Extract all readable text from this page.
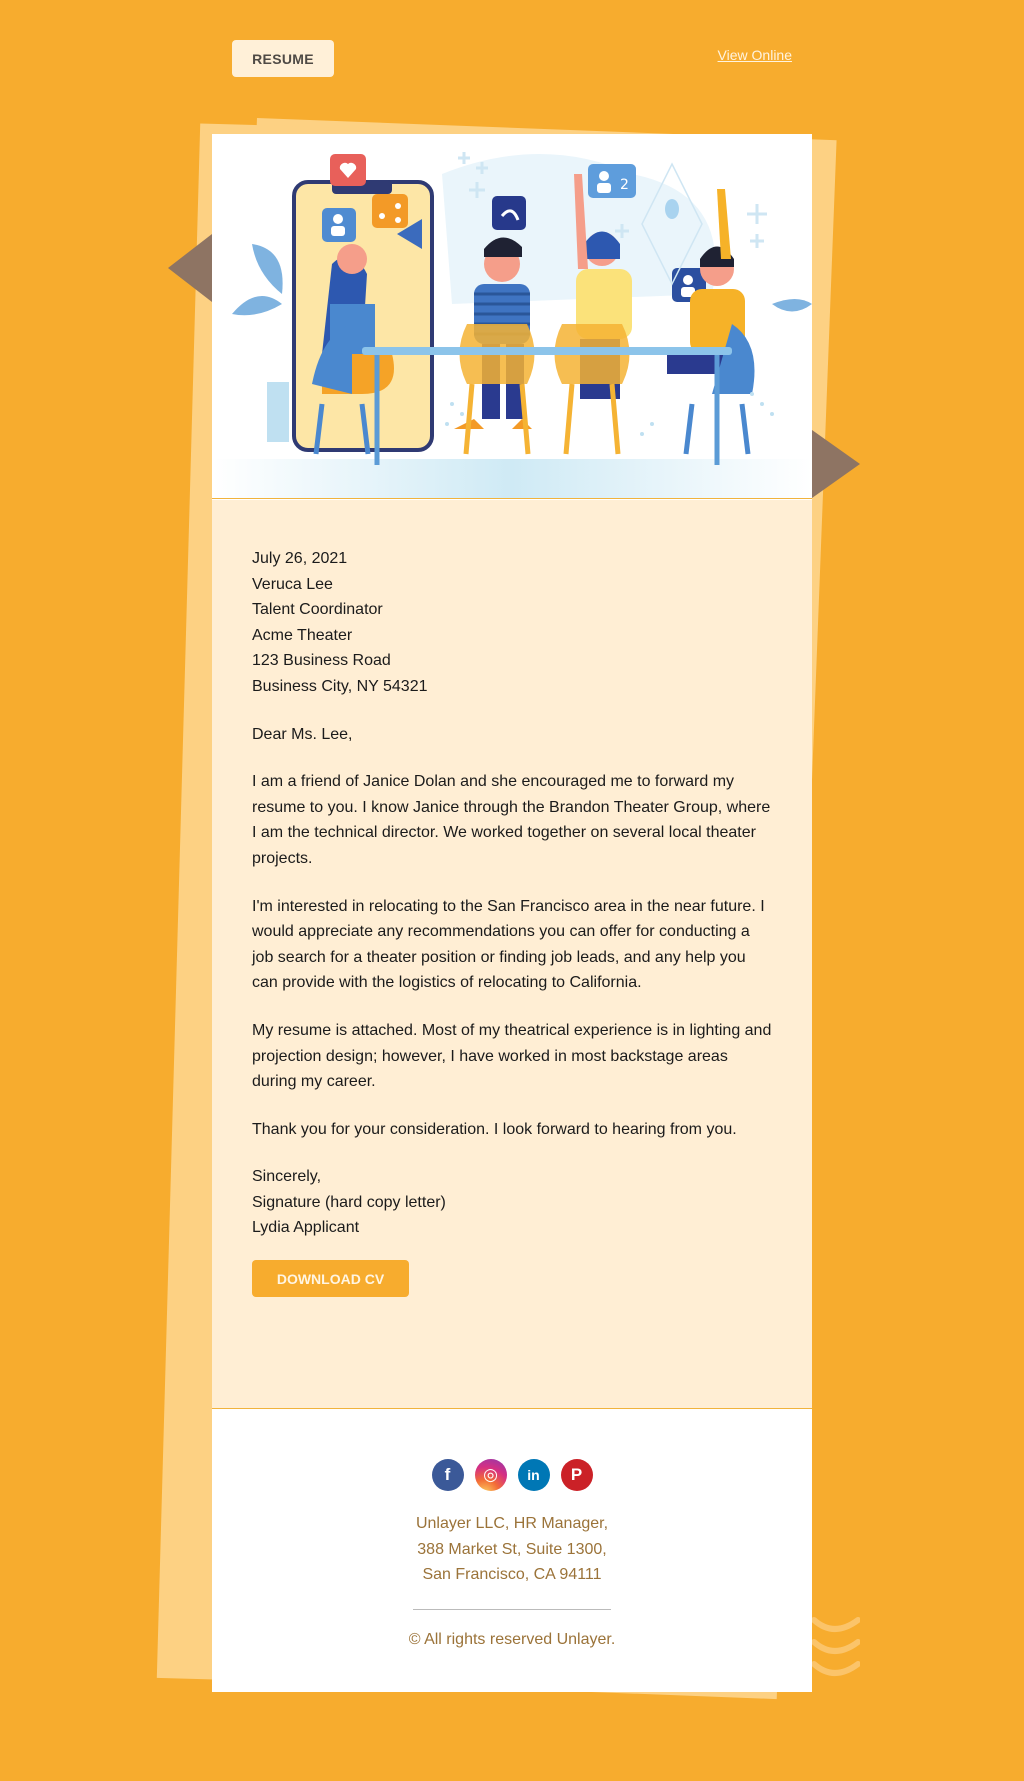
RESUME	View Online
2

July 26, 2021
Veruca Lee
Talent Coordinator
Acme Theater
123 Business Road
Business City, NY 54321

Dear Ms. Lee,

I am a friend of Janice Dolan and she encouraged me to forward my resume to you. I know Janice through the Brandon Theater Group, where I am the technical director. We worked together on several local theater projects.

I'm interested in relocating to the San Francisco area in the near future. I would appreciate any recommendations you can offer for conducting a job search for a theater position or finding job leads, and any help you can provide with the logistics of relocating to California.

My resume is attached. Most of my theatrical experience is in lighting and projection design; however, I have worked in most backstage areas during my career.

Thank you for your consideration. I look forward to hearing from you.

Sincerely,
Signature (hard copy letter)
Lydia Applicant

DOWNLOAD CV
f	◎	in	P
Unlayer LLC, HR Manager,
388 Market St, Suite 1300,
San Francisco, CA 94111
© All rights reserved Unlayer.
